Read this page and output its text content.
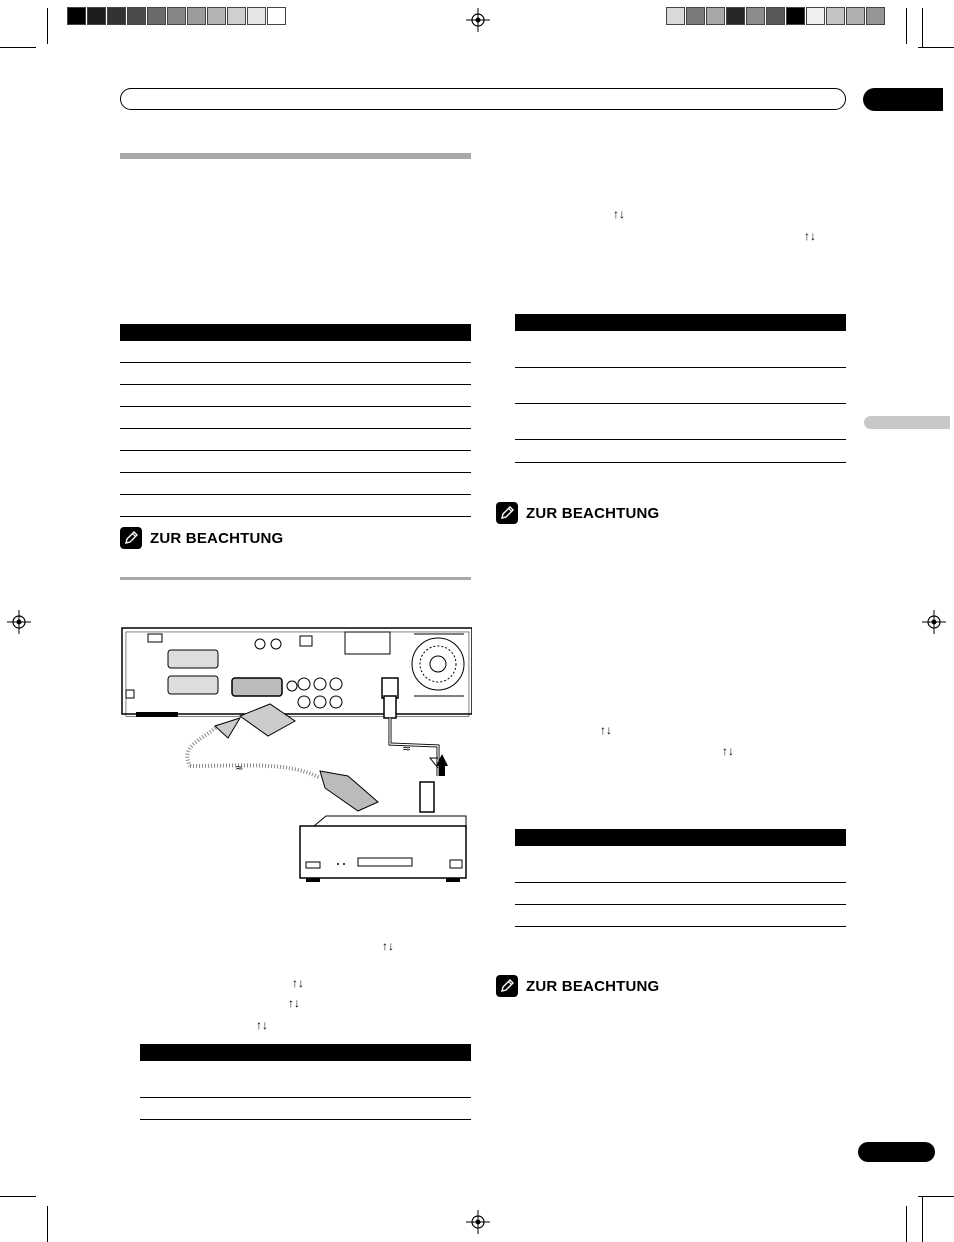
ZUR BEACHTUNG
≈
≈
↑↓
↑↓
↑↓
↑↓
↑↓
↑↓
ZUR BEACHTUNG
↑↓
↑↓
ZUR BEACHTUNG
